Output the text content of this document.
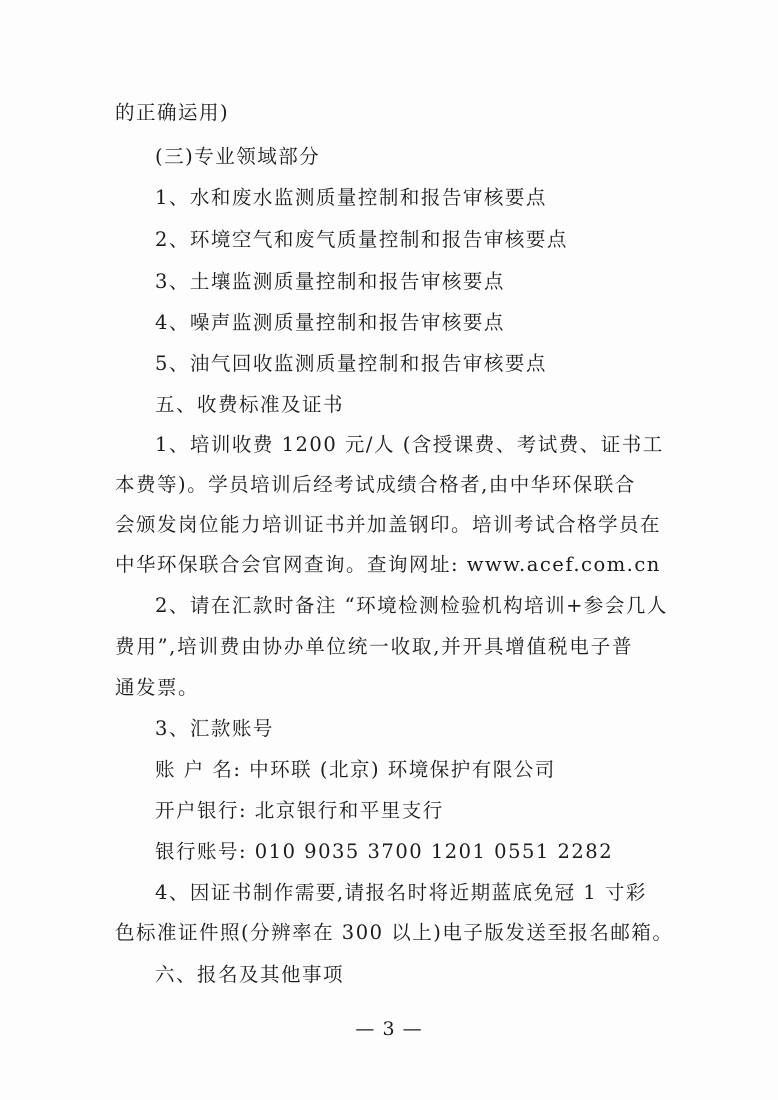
的正确运用)
(三)专业领域部分
1、水和废水监测质量控制和报告审核要点
2、环境空气和废气质量控制和报告审核要点
3、土壤监测质量控制和报告审核要点
4、噪声监测质量控制和报告审核要点
5、油气回收监测质量控制和报告审核要点
五、收费标准及证书
1、培训收费 1200 元/人 (含授课费、考试费、证书工
本费等)。学员培训后经考试成绩合格者,由中华环保联合
会颁发岗位能力培训证书并加盖钢印。培训考试合格学员在
中华环保联合会官网查询。查询网址: www.acef.com.cn
2、请在汇款时备注 “环境检测检验机构培训+参会几人
费用”,培训费由协办单位统一收取,并开具增值税电子普
通发票。
3、汇款账号
账 户 名: 中环联 (北京) 环境保护有限公司
开户银行: 北京银行和平里支行
银行账号: 010 9035 3700 1201 0551 2282
4、因证书制作需要,请报名时将近期蓝底免冠 1 寸彩
色标准证件照(分辨率在 300 以上)电子版发送至报名邮箱。
六、报名及其他事项
— 3 —
